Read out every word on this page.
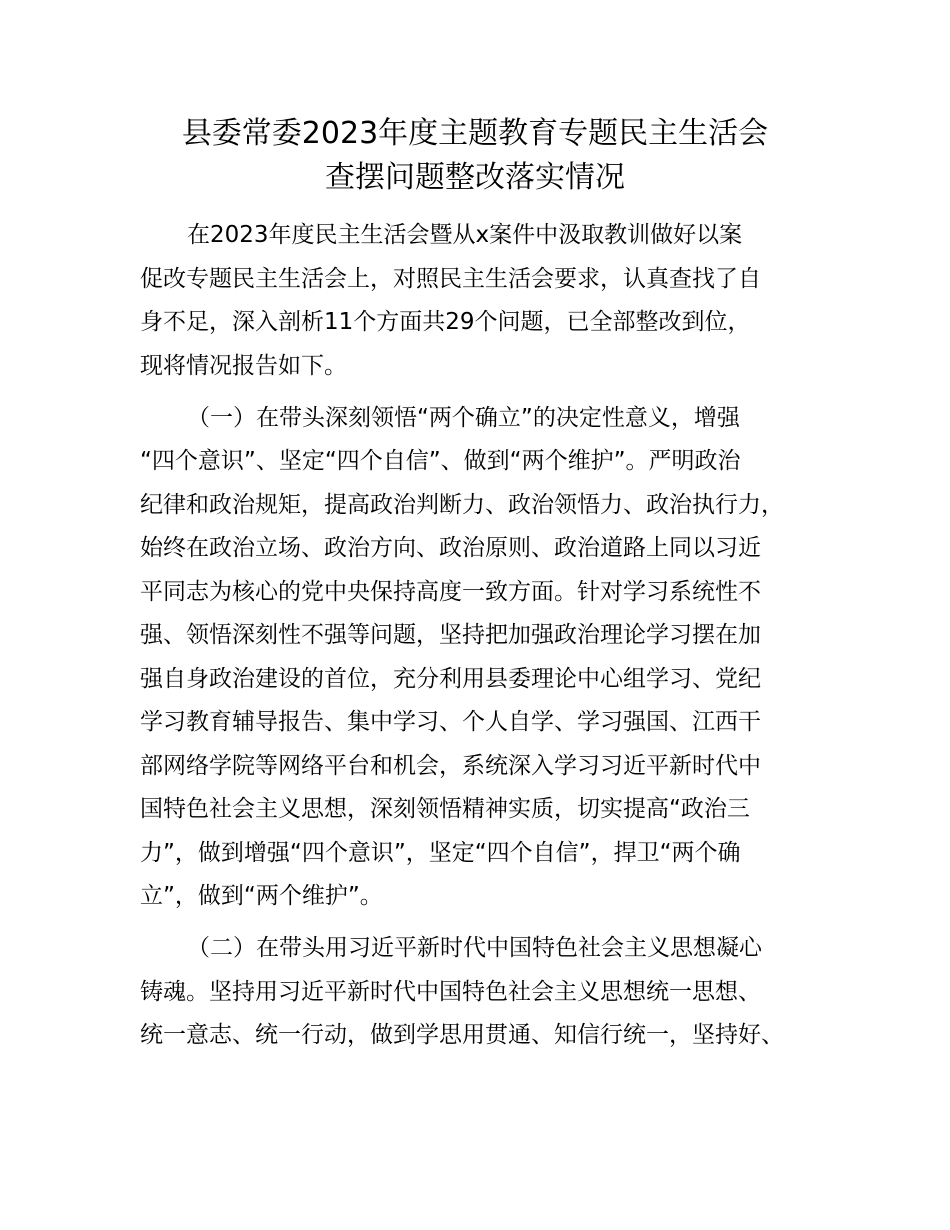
县委常委2023年度主题教育专题民主生活会
查摆问题整改落实情况

在2023年度民主生活会暨从x案件中汲取教训做好以案

促改专题民主生活会上，对照民主生活会要求，认真查找了自

身不足，深入剖析11个方面共29个问题，已全部整改到位，

现将情况报告如下。

（一）在带头深刻领悟“两个确立”的决定性意义，增强

“四个意识”、坚定“四个自信”、做到“两个维护”。严明政治

纪律和政治规矩，提高政治判断力、政治领悟力、政治执行力，

始终在政治立场、政治方向、政治原则、政治道路上同以习近

平同志为核心的党中央保持高度一致方面。针对学习系统性不

强、领悟深刻性不强等问题，坚持把加强政治理论学习摆在加

强自身政治建设的首位，充分利用县委理论中心组学习、党纪

学习教育辅导报告、集中学习、个人自学、学习强国、江西干

部网络学院等网络平台和机会，系统深入学习习近平新时代中

国特色社会主义思想，深刻领悟精神实质，切实提高“政治三

力”，做到增强“四个意识”，坚定“四个自信”，捍卫“两个确

立”，做到“两个维护”。

（二）在带头用习近平新时代中国特色社会主义思想凝心

铸魂。坚持用习近平新时代中国特色社会主义思想统一思想、

统一意志、统一行动，做到学思用贯通、知信行统一，坚持好、
